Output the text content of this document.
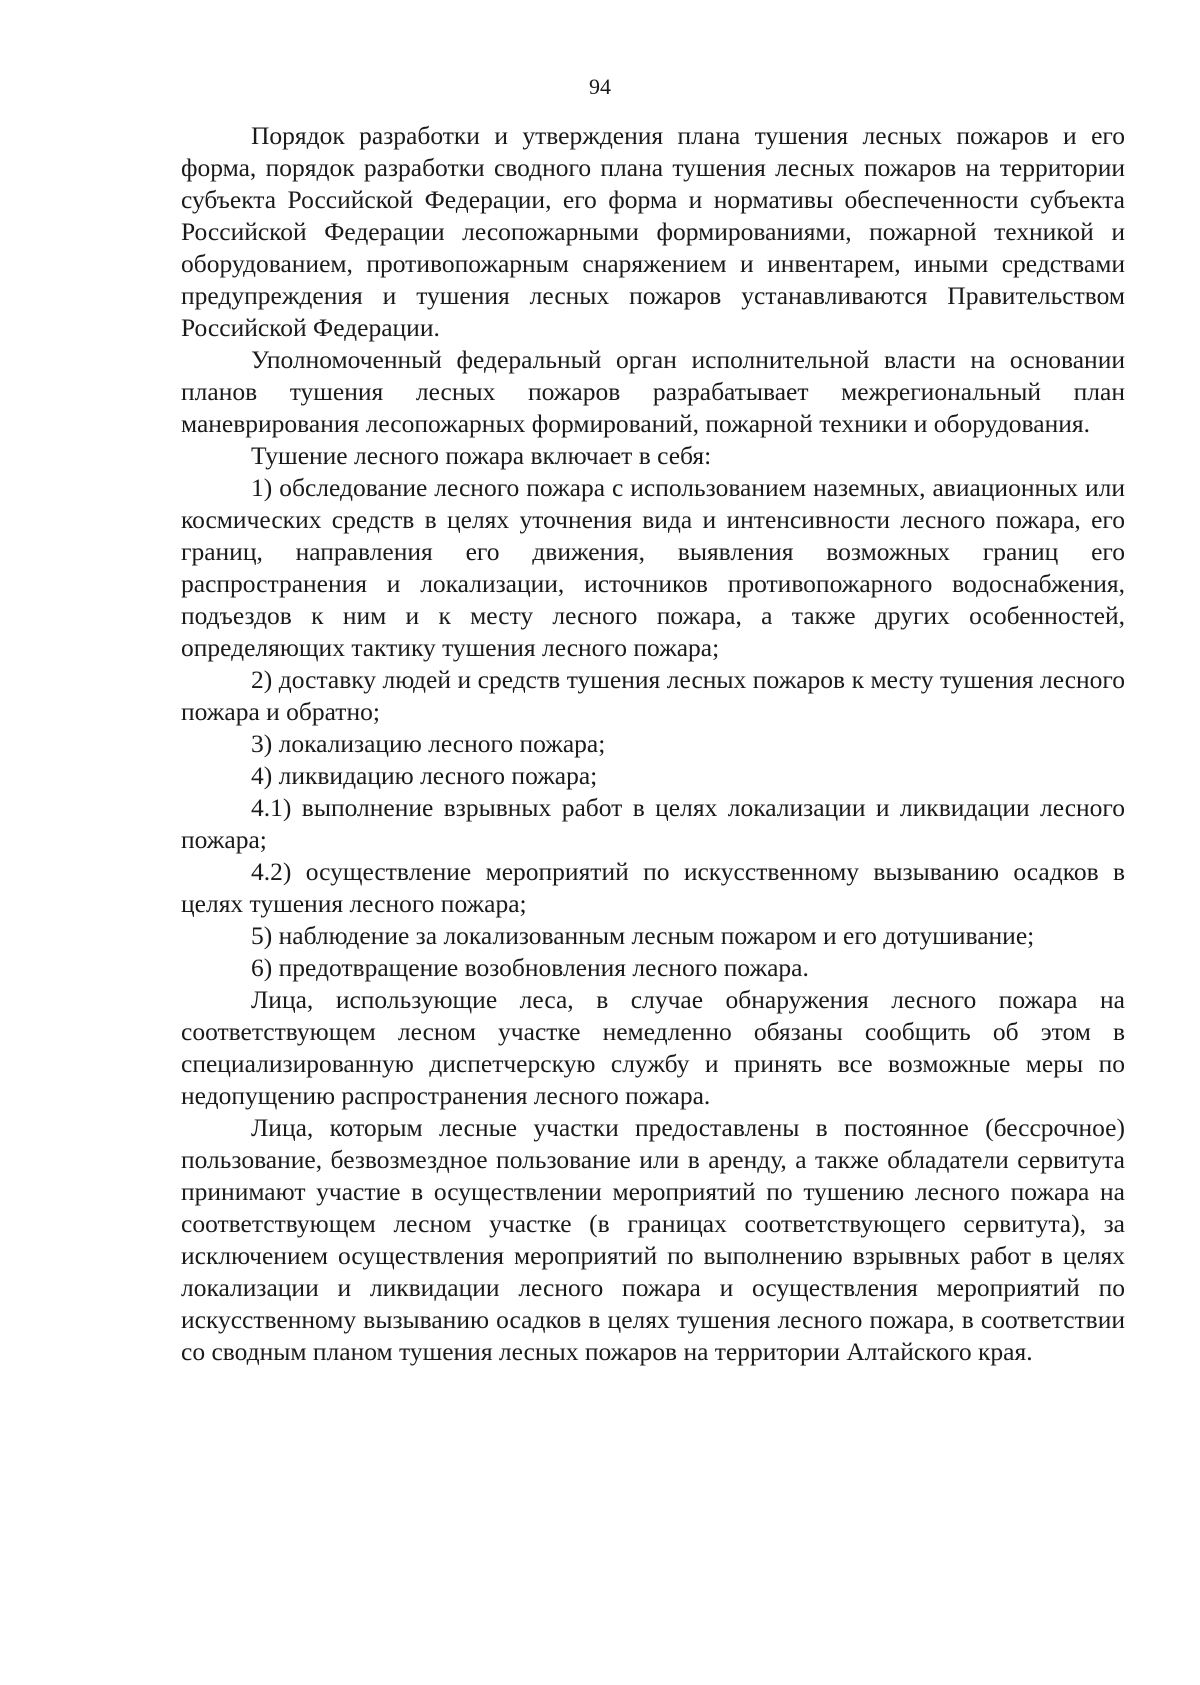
94

Порядок разработки и утверждения плана тушения лесных пожаров и его форма, порядок разработки сводного плана тушения лесных пожаров на территории субъекта Российской Федерации, его форма и нормативы обеспеченности субъекта Российской Федерации лесопожарными формированиями, пожарной техникой и оборудованием, противопожарным снаряжением и инвентарем, иными средствами предупреждения и тушения лесных пожаров устанавливаются Правительством Российской Федерации.

Уполномоченный федеральный орган исполнительной власти на основании планов тушения лесных пожаров разрабатывает межрегиональный план маневрирования лесопожарных формирований, пожарной техники и оборудования.

Тушение лесного пожара включает в себя:

1) обследование лесного пожара с использованием наземных, авиационных или космических средств в целях уточнения вида и интенсивности лесного пожара, его границ, направления его движения, выявления возможных границ его распространения и локализации, источников противопожарного водоснабжения, подъездов к ним и к месту лесного пожара, а также других особенностей, определяющих тактику тушения лесного пожара;

2) доставку людей и средств тушения лесных пожаров к месту тушения лесного пожара и обратно;

3) локализацию лесного пожара;

4) ликвидацию лесного пожара;

4.1) выполнение взрывных работ в целях локализации и ликвидации лесного пожара;

4.2) осуществление мероприятий по искусственному вызыванию осадков в целях тушения лесного пожара;

5) наблюдение за локализованным лесным пожаром и его дотушивание;

6) предотвращение возобновления лесного пожара.

Лица, использующие леса, в случае обнаружения лесного пожара на соответствующем лесном участке немедленно обязаны сообщить об этом в специализированную диспетчерскую службу и принять все возможные меры по недопущению распространения лесного пожара.

Лица, которым лесные участки предоставлены в постоянное (бессрочное) пользование, безвозмездное пользование или в аренду, а также обладатели сервитута принимают участие в осуществлении мероприятий по тушению лесного пожара на соответствующем лесном участке (в границах соответствующего сервитута), за исключением осуществления мероприятий по выполнению взрывных работ в целях локализации и ликвидации лесного пожара и осуществления мероприятий по искусственному вызыванию осадков в целях тушения лесного пожара, в соответствии со сводным планом тушения лесных пожаров на территории Алтайского края.
